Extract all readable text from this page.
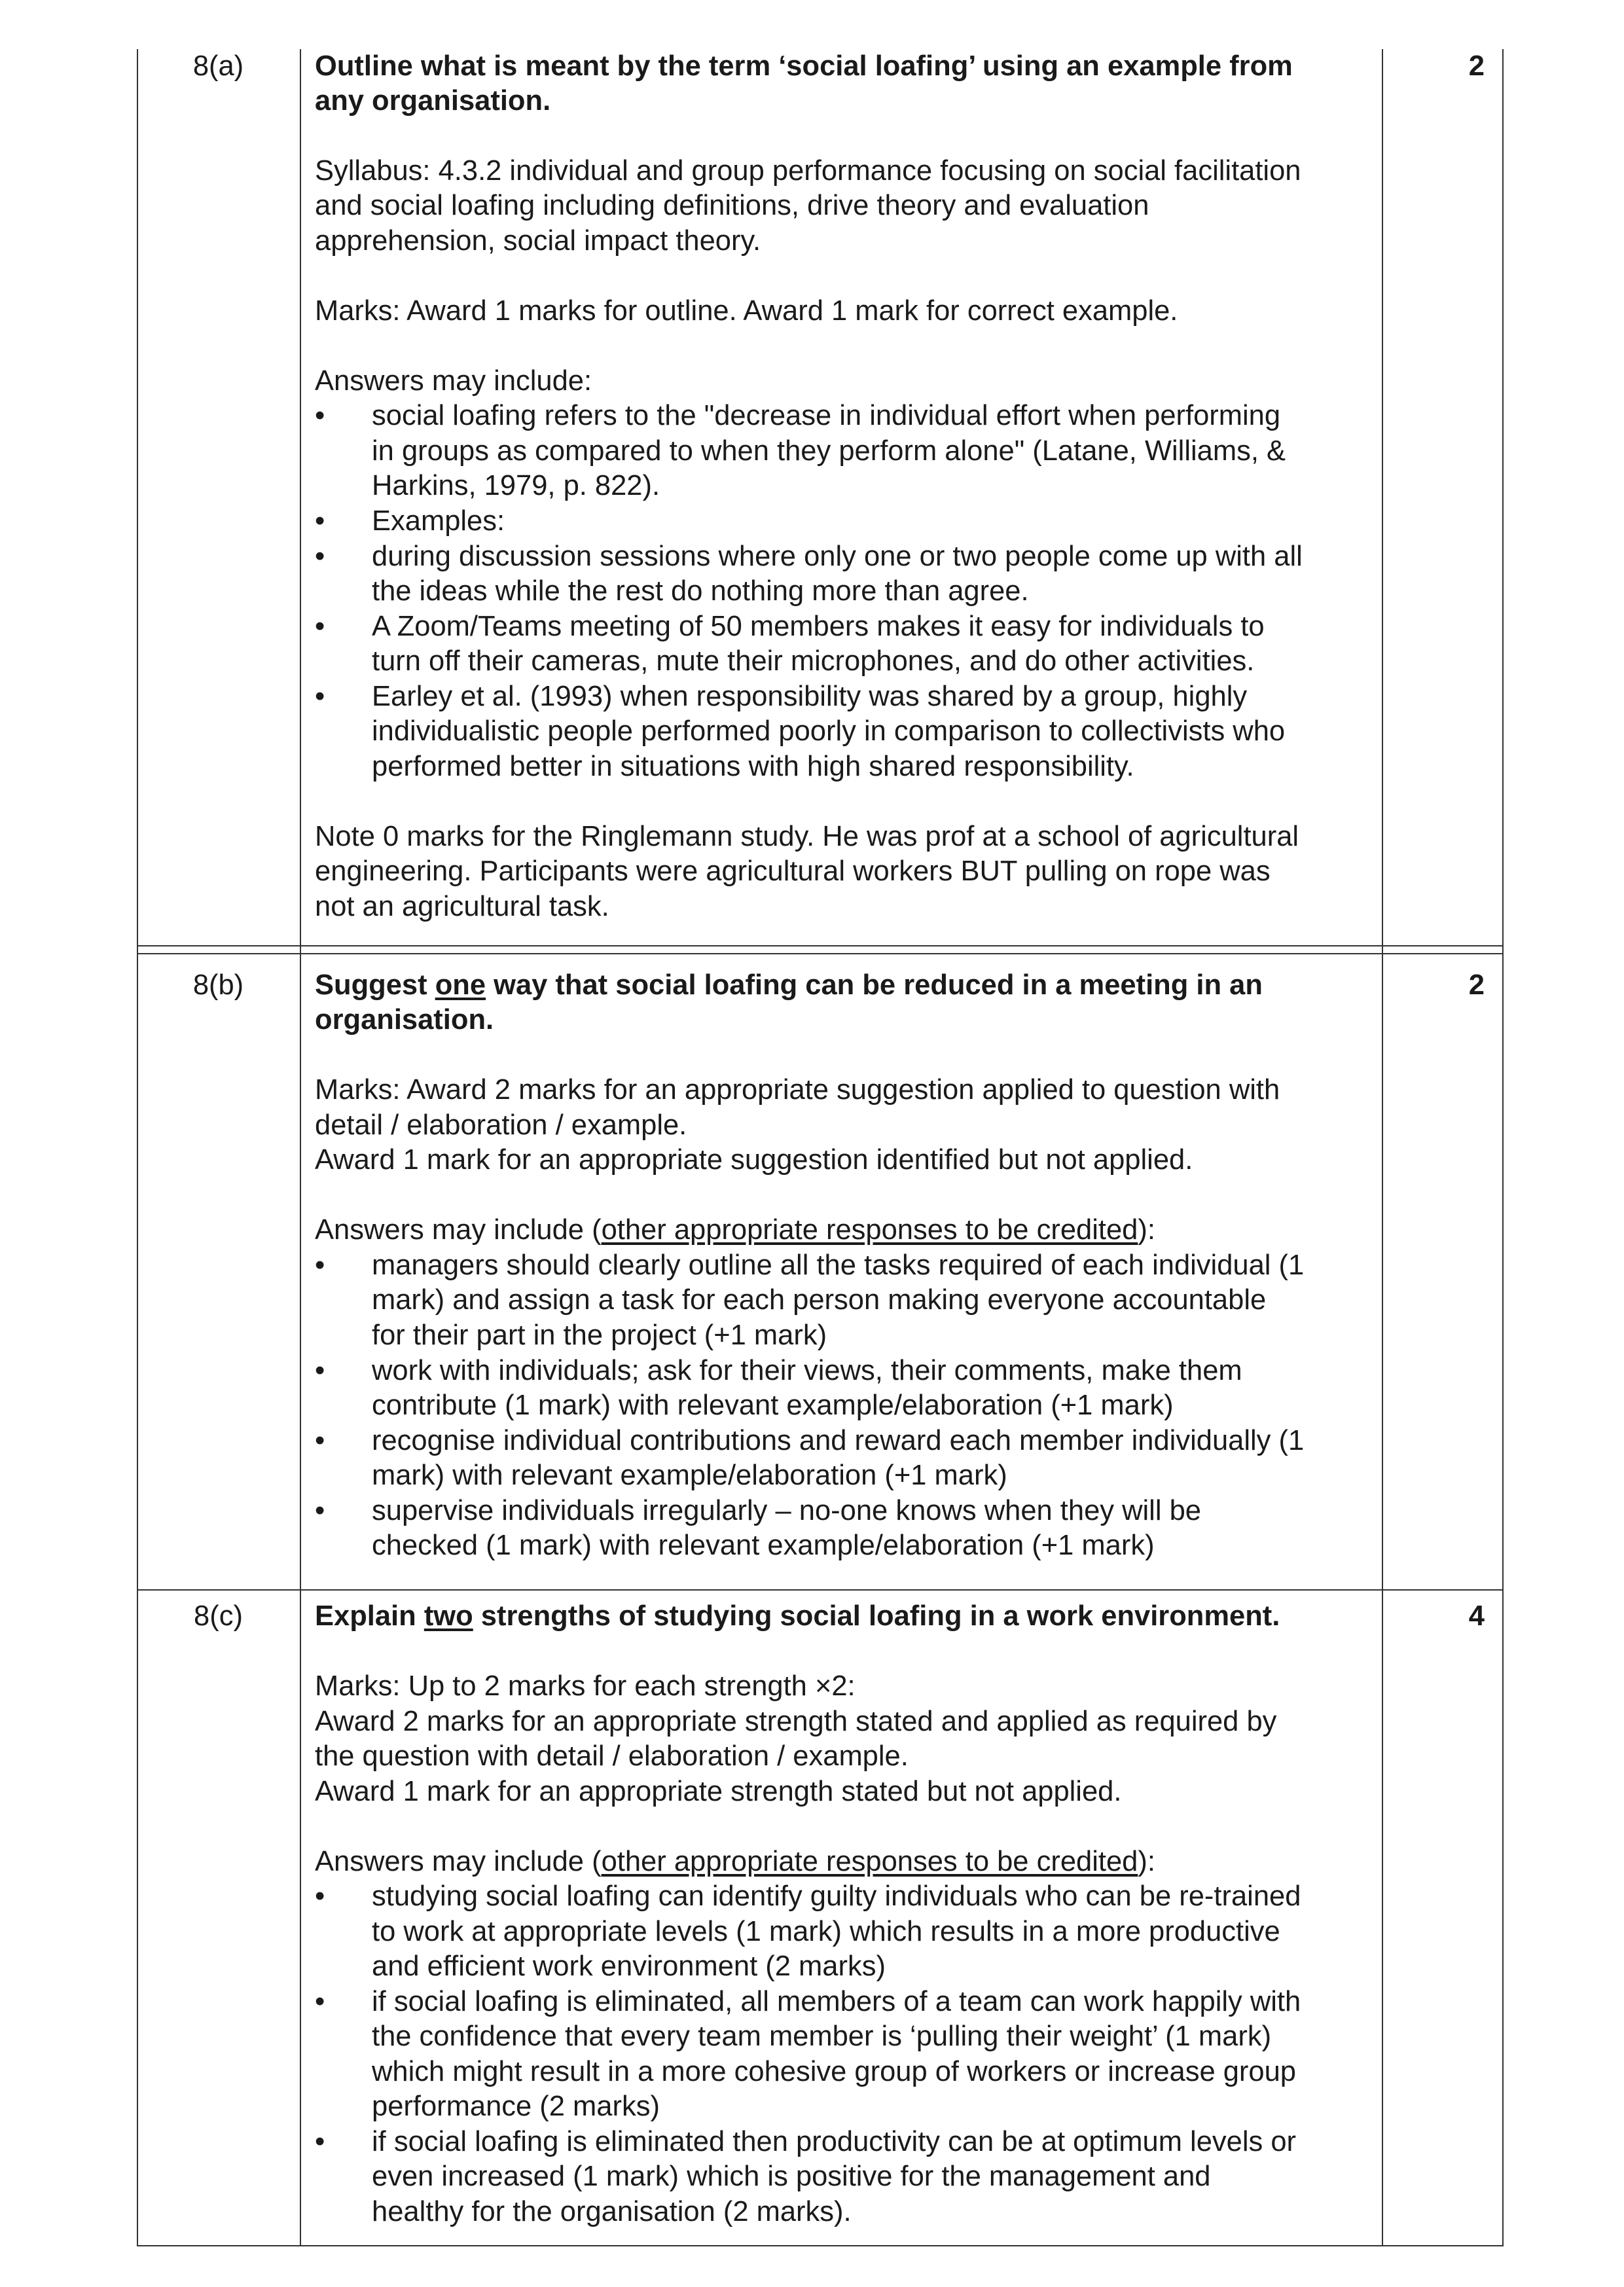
8(a)	2
Outline what is meant by the term ‘social loafing’ using an example from
any organisation.
Syllabus: 4.3.2 individual and group performance focusing on social facilitation
and social loafing including definitions, drive theory and evaluation
apprehension, social impact theory.
Marks: Award 1 marks for outline. Award 1 mark for correct example.
Answers may include:
• social loafing refers to the "decrease in individual effort when performing
in groups as compared to when they perform alone" (Latane, Williams, &
Harkins, 1979, p. 822).
• Examples:
• during discussion sessions where only one or two people come up with all
the ideas while the rest do nothing more than agree.
• A Zoom/Teams meeting of 50 members makes it easy for individuals to
turn off their cameras, mute their microphones, and do other activities.
• Earley et al. (1993) when responsibility was shared by a group, highly
individualistic people performed poorly in comparison to collectivists who
performed better in situations with high shared responsibility.
Note 0 marks for the Ringlemann study. He was prof at a school of agricultural
engineering. Participants were agricultural workers BUT pulling on rope was
not an agricultural task.
8(b)	2
Suggest one way that social loafing can be reduced in a meeting in an
organisation.
Marks: Award 2 marks for an appropriate suggestion applied to question with
detail / elaboration / example.
Award 1 mark for an appropriate suggestion identified but not applied.
Answers may include (other appropriate responses to be credited):
• managers should clearly outline all the tasks required of each individual (1
mark) and assign a task for each person making everyone accountable
for their part in the project (+1 mark)
• work with individuals; ask for their views, their comments, make them
contribute (1 mark) with relevant example/elaboration (+1 mark)
• recognise individual contributions and reward each member individually (1
mark) with relevant example/elaboration (+1 mark)
• supervise individuals irregularly – no-one knows when they will be
checked (1 mark) with relevant example/elaboration (+1 mark)
8(c)	4
Explain two strengths of studying social loafing in a work environment.
Marks: Up to 2 marks for each strength ×2:
Award 2 marks for an appropriate strength stated and applied as required by
the question with detail / elaboration / example.
Award 1 mark for an appropriate strength stated but not applied.
Answers may include (other appropriate responses to be credited):
• studying social loafing can identify guilty individuals who can be re-trained
to work at appropriate levels (1 mark) which results in a more productive
and efficient work environment (2 marks)
• if social loafing is eliminated, all members of a team can work happily with
the confidence that every team member is ‘pulling their weight’ (1 mark)
which might result in a more cohesive group of workers or increase group
performance (2 marks)
• if social loafing is eliminated then productivity can be at optimum levels or
even increased (1 mark) which is positive for the management and
healthy for the organisation (2 marks).
